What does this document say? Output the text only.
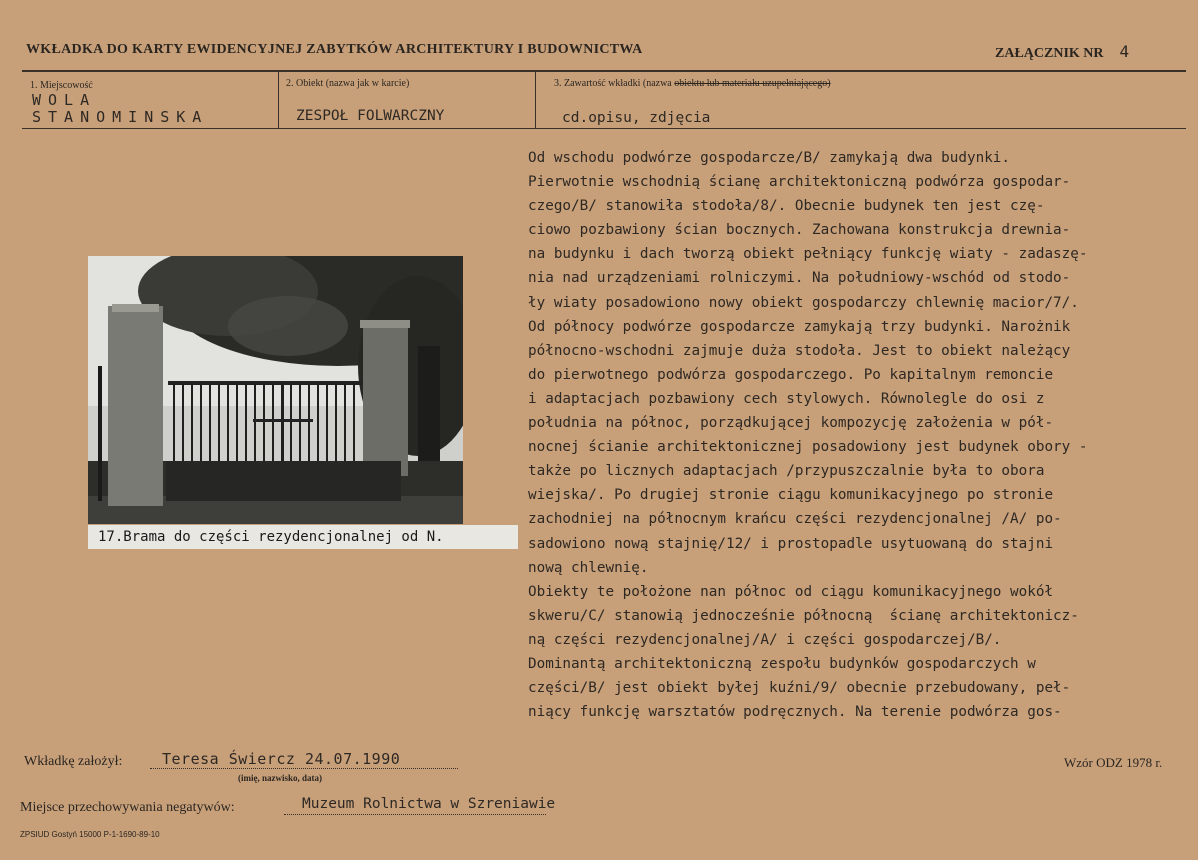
WKŁADKA DO KARTY EWIDENCYJNEJ ZABYTKÓW ARCHITEKTURY I BUDOWNICTWA	ZAŁĄCZNIK NR 4
1. Miejscowość
WOLA
STANOMINSKA
2. Obiekt (nazwa jak w karcie)
ZESPOŁ FOLWARCZNY
3. Zawartość wkładki (nazwa obiektu lub materiału uzupełniającego)
cd.opisu, zdjęcia
Od wschodu podwórze gospodarcze/B/ zamykają dwa budynki.
Pierwotnie wschodnią ścianę architektoniczną podwórza gospodar-
czego/B/ stanowiła stodoła/8/. Obecnie budynek ten jest czę-
ciowo pozbawiony ścian bocznych. Zachowana konstrukcja drewnia-
na budynku i dach tworzą obiekt pełniący funkcję wiaty - zadaszę-
nia nad urządzeniami rolniczymi. Na południowy-wschód od stodo-
ły wiaty posadowiono nowy obiekt gospodarczy chlewnię macior/7/.
Od północy podwórze gospodarcze zamykają trzy budynki. Narożnik
północno-wschodni zajmuje duża stodoła. Jest to obiekt należący
do pierwotnego podwórza gospodarczego. Po kapitalnym remoncie
i adaptacjach pozbawiony cech stylowych. Równolegle do osi z
południa na północ, porządkującej kompozycję założenia w pół-
nocnej ścianie architektonicznej posadowiony jest budynek obory -
także po licznych adaptacjach /przypuszczalnie była to obora
wiejska/. Po drugiej stronie ciągu komunikacyjnego po stronie
zachodniej na północnym krańcu części rezydencjonalnej /A/ po-
sadowiono nową stajnię/12/ i prostopadle usytuowaną do stajni
nową chlewnię.
Obiekty te położone nan północ od ciągu komunikacyjnego wokół
skweru/C/ stanowią jednocześnie północną  ścianę architektonicz-
ną części rezydencjonalnej/A/ i części gospodarczej/B/.
Dominantą architektoniczną zespołu budynków gospodarczych w
części/B/ jest obiekt byłej kuźni/9/ obecnie przebudowany, peł-
niący funkcję warsztatów podręcznych. Na terenie podwórza gos-
17.Brama do części rezydencjonalnej od N.
Wkładkę założył:	Teresa Świercz 24.07.1990
(imię, nazwisko, data)
Miejsce przechowywania negatywów:	Muzeum Rolnictwa w Szreniawie
ZPSIUD Gostyń 15000 P-1-1690-89-10
Wzór ODZ 1978 r.
